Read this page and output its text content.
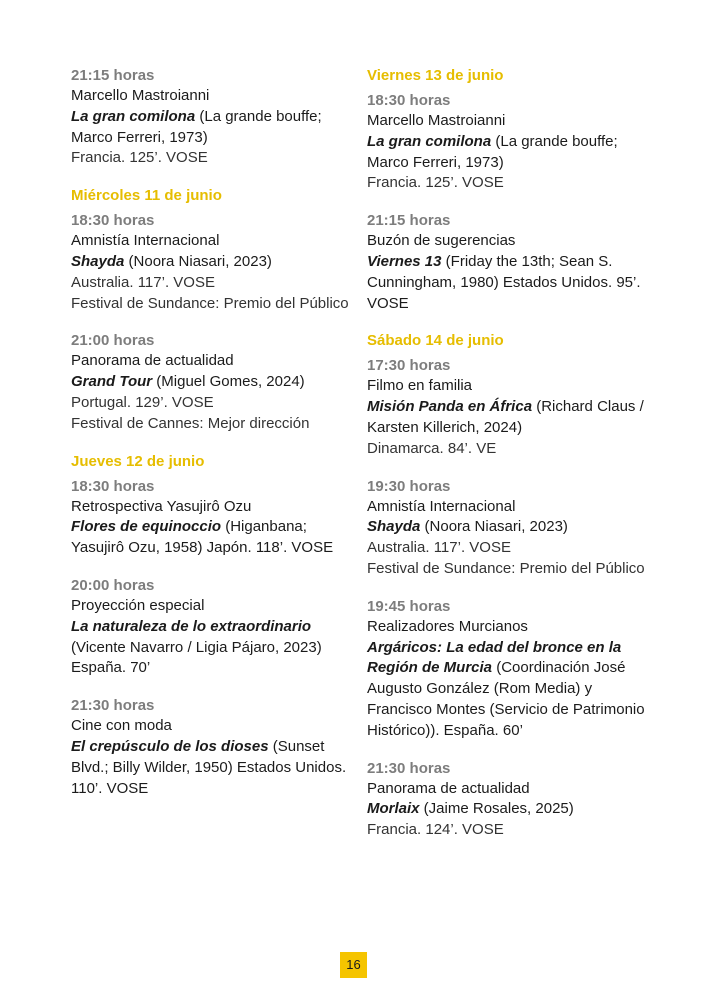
21:15 horas
Marcello Mastroianni
La gran comilona (La grande bouffe; Marco Ferreri, 1973)
Francia. 125’. VOSE
Miércoles 11 de junio
18:30 horas
Amnistía Internacional
Shayda (Noora Niasari, 2023)
Australia. 117’. VOSE
Festival de Sundance: Premio del Público
21:00 horas
Panorama de actualidad
Grand Tour (Miguel Gomes, 2024)
Portugal. 129’. VOSE
Festival de Cannes: Mejor dirección
Jueves 12 de junio
18:30 horas
Retrospectiva Yasujirô Ozu
Flores de equinoccio (Higanbana; Yasujirô Ozu, 1958) Japón. 118’. VOSE
20:00 horas
Proyección especial
La naturaleza de lo extraordinario (Vicente Navarro / Ligia Pájaro, 2023) España. 70’
21:30 horas
Cine con moda
El crepúsculo de los dioses (Sunset Blvd.; Billy Wilder, 1950) Estados Unidos. 110’. VOSE
Viernes 13 de junio
18:30 horas
Marcello Mastroianni
La gran comilona (La grande bouffe; Marco Ferreri, 1973)
Francia. 125’. VOSE
21:15 horas
Buzón de sugerencias
Viernes 13 (Friday the 13th; Sean S. Cunningham, 1980) Estados Unidos. 95’. VOSE
Sábado 14 de junio
17:30 horas
Filmo en familia
Misión Panda en África (Richard Claus / Karsten Killerich, 2024)
Dinamarca. 84’. VE
19:30 horas
Amnistía Internacional
Shayda (Noora Niasari, 2023)
Australia. 117’. VOSE
Festival de Sundance: Premio del Público
19:45 horas
Realizadores Murcianos
Argáricos: La edad del bronce en la Región de Murcia (Coordinación José Augusto González (Rom Media) y Francisco Montes (Servicio de Patrimonio Histórico)). España. 60’
21:30 horas
Panorama de actualidad
Morlaix (Jaime Rosales, 2025)
Francia. 124’. VOSE
16
